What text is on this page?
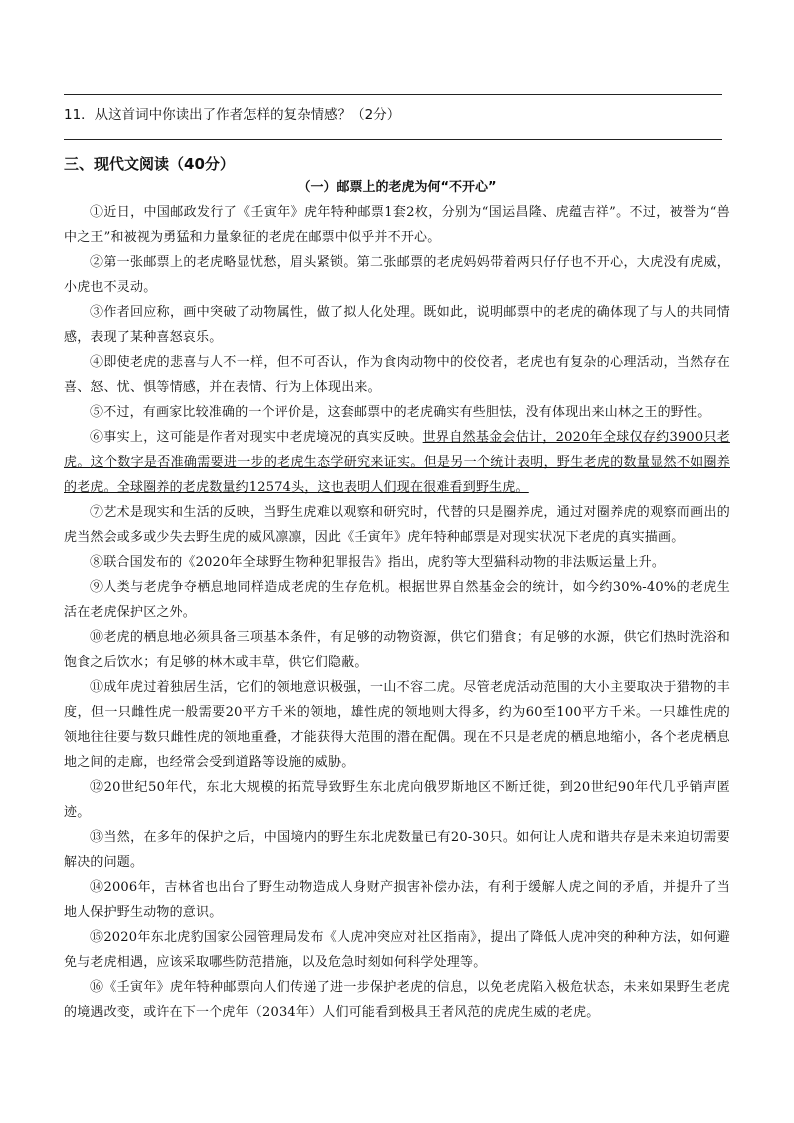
11．从这首词中你读出了作者怎样的复杂情感？（2分）
三、现代文阅读（40分）
（一）邮票上的老虎为何“不开心”

①近日，中国邮政发行了《壬寅年》虎年特种邮票1套2枚，分别为“国运昌隆、虎蕴吉祥”。不过，被誉为“兽中之王”和被视为勇猛和力量象征的老虎在邮票中似乎并不开心。

②第一张邮票上的老虎略显忧愁，眉头紧锁。第二张邮票的老虎妈妈带着两只仔仔也不开心，大虎没有虎威，小虎也不灵动。

③作者回应称，画中突破了动物属性，做了拟人化处理。既如此，说明邮票中的老虎的确体现了与人的共同情感，表现了某种喜怒哀乐。

④即使老虎的悲喜与人不一样，但不可否认，作为食肉动物中的佼佼者，老虎也有复杂的心理活动，当然存在喜、怒、忧、惧等情感，并在表情、行为上体现出来。

⑤不过，有画家比较准确的一个评价是，这套邮票中的老虎确实有些胆怯，没有体现出来山林之王的野性。

⑥事实上，这可能是作者对现实中老虎境况的真实反映。世界自然基金会估计，2020年全球仅存约3900只老虎。这个数字是否准确需要进一步的老虎生态学研究来证实。但是另一个统计表明，野生老虎的数量显然不如圈养的老虎。全球圈养的老虎数量约12574头，这也表明人们现在很难看到野生虎。

⑦艺术是现实和生活的反映，当野生虎难以观察和研究时，代替的只是圈养虎，通过对圈养虎的观察而画出的虎当然会或多或少失去野生虎的威风凛凛，因此《壬寅年》虎年特种邮票是对现实状况下老虎的真实描画。

⑧联合国发布的《2020年全球野生物种犯罪报告》指出，虎豹等大型猫科动物的非法贩运量上升。

⑨人类与老虎争夺栖息地同样造成老虎的生存危机。根据世界自然基金会的统计，如今约30%-40%的老虎生活在老虎保护区之外。

⑩老虎的栖息地必须具备三项基本条件，有足够的动物资源，供它们猎食；有足够的水源，供它们热时洗浴和饱食之后饮水；有足够的林木或丰草，供它们隐蔽。

⑪成年虎过着独居生活，它们的领地意识极强，一山不容二虎。尽管老虎活动范围的大小主要取决于猎物的丰度，但一只雌性虎一般需要20平方千米的领地，雄性虎的领地则大得多，约为60至100平方千米。一只雄性虎的领地往往要与数只雌性虎的领地重叠，才能获得大范围的潜在配偶。现在不只是老虎的栖息地缩小，各个老虎栖息地之间的走廊，也经常会受到道路等设施的威胁。

⑫20世纪50年代，东北大规模的拓荒导致野生东北虎向俄罗斯地区不断迁徙，到20世纪90年代几乎销声匿迹。

⑬当然，在多年的保护之后，中国境内的野生东北虎数量已有20-30只。如何让人虎和谐共存是未来迫切需要解决的问题。

⑭2006年，吉林省也出台了野生动物造成人身财产损害补偿办法，有利于缓解人虎之间的矛盾，并提升了当地人保护野生动物的意识。

⑮2020年东北虎豹国家公园管理局发布《人虎冲突应对社区指南》，提出了降低人虎冲突的种种方法，如何避免与老虎相遇，应该采取哪些防范措施，以及危急时刻如何科学处理等。

⑯《壬寅年》虎年特种邮票向人们传递了进一步保护老虎的信息，以免老虎陷入极危状态，未来如果野生老虎的境遇改变，或许在下一个虎年（2034年）人们可能看到极具王者风范的虎虎生威的老虎。
